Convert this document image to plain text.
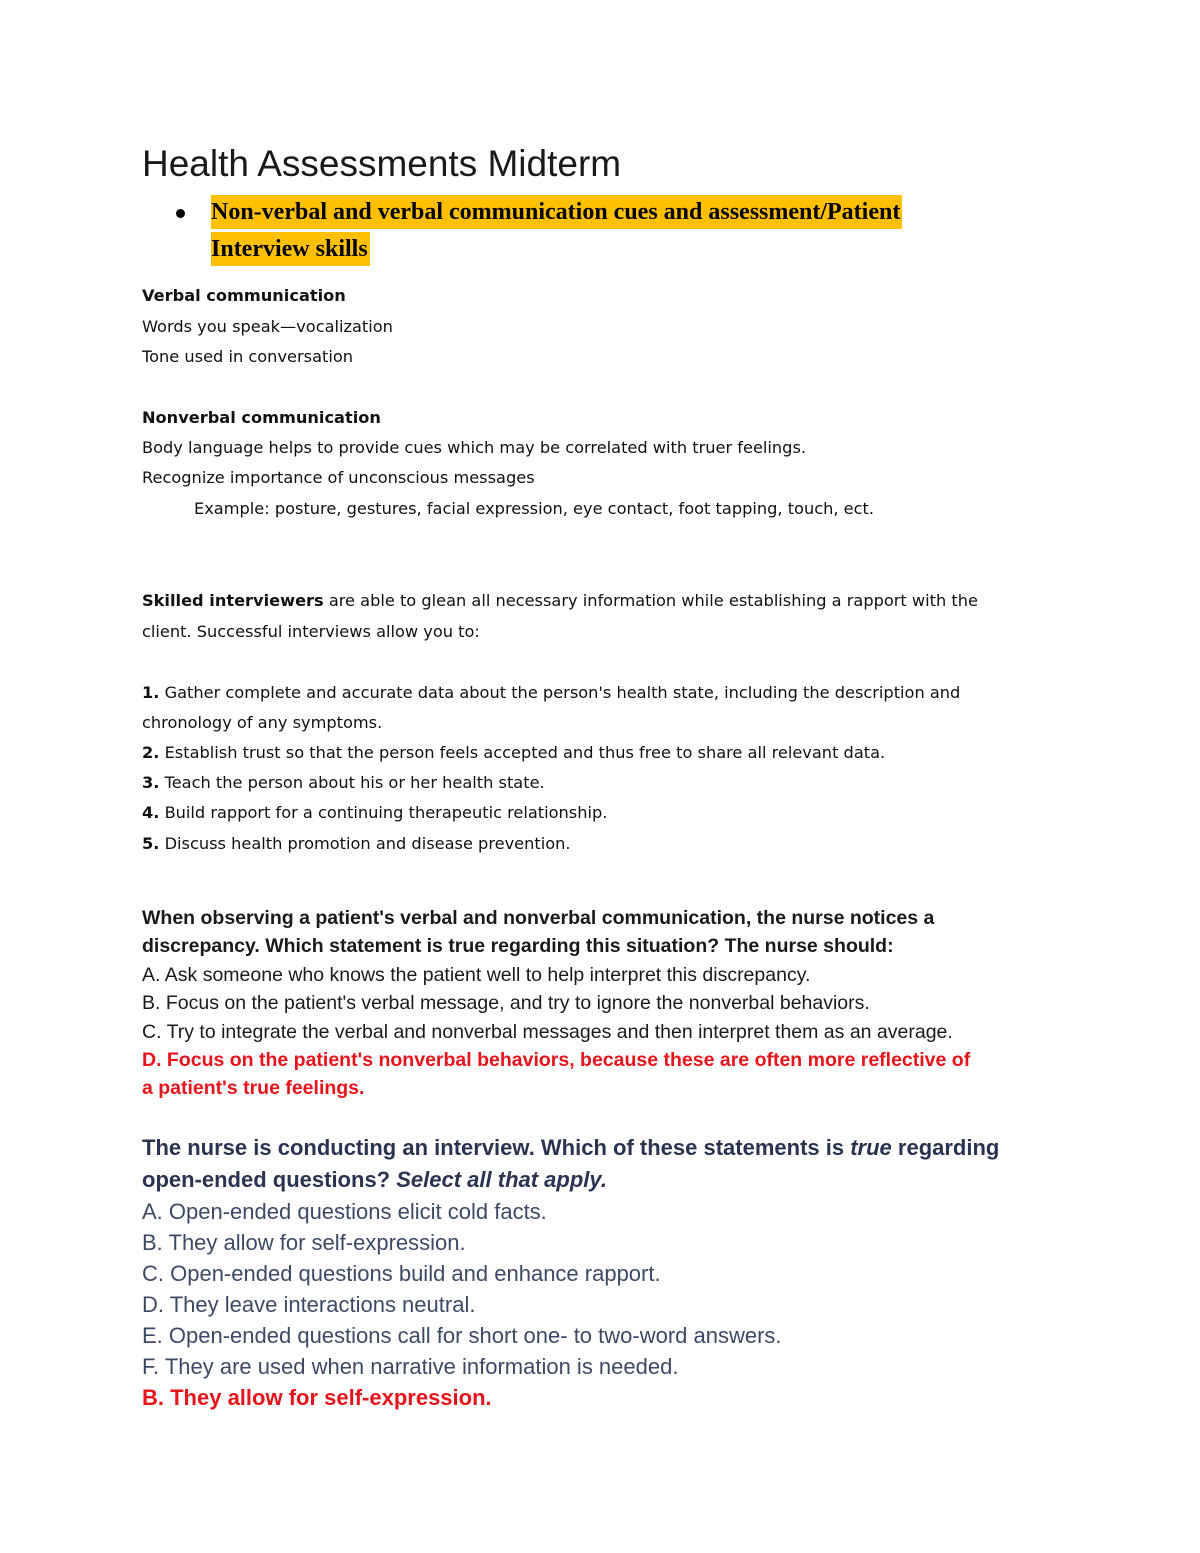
Health Assessments Midterm
Non-verbal and verbal communication cues and assessment/Patient
Interview skills
Verbal communication
Words you speak—vocalization
Tone used in conversation
Nonverbal communication
Body language helps to provide cues which may be correlated with truer feelings.
Recognize importance of unconscious messages
Example: posture, gestures, facial expression, eye contact, foot tapping, touch, ect.
Skilled interviewers are able to glean all necessary information while establishing a rapport with the
client. Successful interviews allow you to:
1. Gather complete and accurate data about the person's health state, including the description and
chronology of any symptoms.
2. Establish trust so that the person feels accepted and thus free to share all relevant data.
3. Teach the person about his or her health state.
4. Build rapport for a continuing therapeutic relationship.
5. Discuss health promotion and disease prevention.
When observing a patient's verbal and nonverbal communication, the nurse notices a
discrepancy. Which statement is true regarding this situation? The nurse should:
A. Ask someone who knows the patient well to help interpret this discrepancy.
B. Focus on the patient's verbal message, and try to ignore the nonverbal behaviors.
C. Try to integrate the verbal and nonverbal messages and then interpret them as an average.
D. Focus on the patient's nonverbal behaviors, because these are often more reflective of
a patient's true feelings.
The nurse is conducting an interview. Which of these statements is true regarding
open-ended questions? Select all that apply.
A. Open-ended questions elicit cold facts.
B. They allow for self-expression.
C. Open-ended questions build and enhance rapport.
D. They leave interactions neutral.
E. Open-ended questions call for short one- to two-word answers.
F. They are used when narrative information is needed.
B. They allow for self-expression.
